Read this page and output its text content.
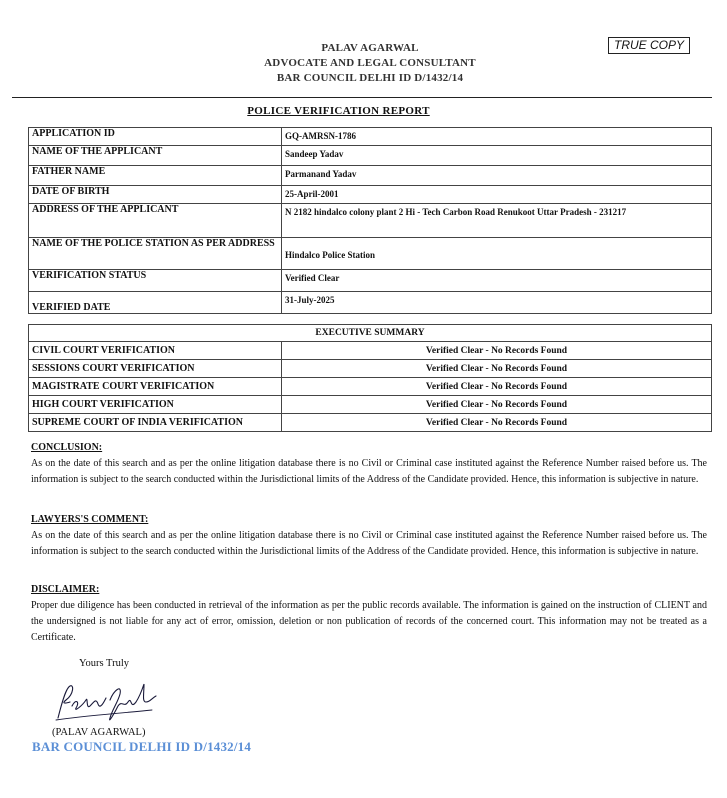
TRUE COPY
PALAV AGARWAL
ADVOCATE AND LEGAL CONSULTANT
BAR COUNCIL DELHI ID D/1432/14
POLICE VERIFICATION REPORT
APPLICATION ID	GQ-AMRSN-1786
NAME OF THE APPLICANT	Sandeep Yadav
FATHER NAME	Parmanand Yadav
DATE OF BIRTH	25-April-2001
ADDRESS OF THE APPLICANT	N 2182 hindalco colony plant 2 Hi - Tech Carbon Road Renukoot Uttar Pradesh - 231217
NAME OF THE POLICE STATION AS PER ADDRESS	Hindalco Police Station
VERIFICATION STATUS	Verified Clear
VERIFIED DATE	31-July-2025
EXECUTIVE SUMMARY	
CIVIL COURT VERIFICATION	Verified Clear - No Records Found
SESSIONS COURT VERIFICATION	Verified Clear - No Records Found
MAGISTRATE COURT VERIFICATION	Verified Clear - No Records Found
HIGH COURT VERIFICATION	Verified Clear - No Records Found
SUPREME COURT OF INDIA VERIFICATION	Verified Clear - No Records Found
CONCLUSION:
As on the date of this search and as per the online litigation database there is no Civil or Criminal case instituted against the Reference Number raised before us. The information is subject to the search conducted within the Jurisdictional limits of the Address of the Candidate provided. Hence, this information is subjective in nature.
LAWYERS'S COMMENT:
As on the date of this search and as per the online litigation database there is no Civil or Criminal case instituted against the Reference Number raised before us. The information is subject to the search conducted within the Jurisdictional limits of the Address of the Candidate provided. Hence, this information is subjective in nature.
DISCLAIMER:
Proper due diligence has been conducted in retrieval of the information as per the public records available. The information is gained on the instruction of CLIENT and the undersigned is not liable for any act of error, omission, deletion or non publication of records of the concerned court. This information may not be treated as a Certificate.
Yours Truly
(PALAV AGARWAL)
BAR COUNCIL DELHI ID D/1432/14
